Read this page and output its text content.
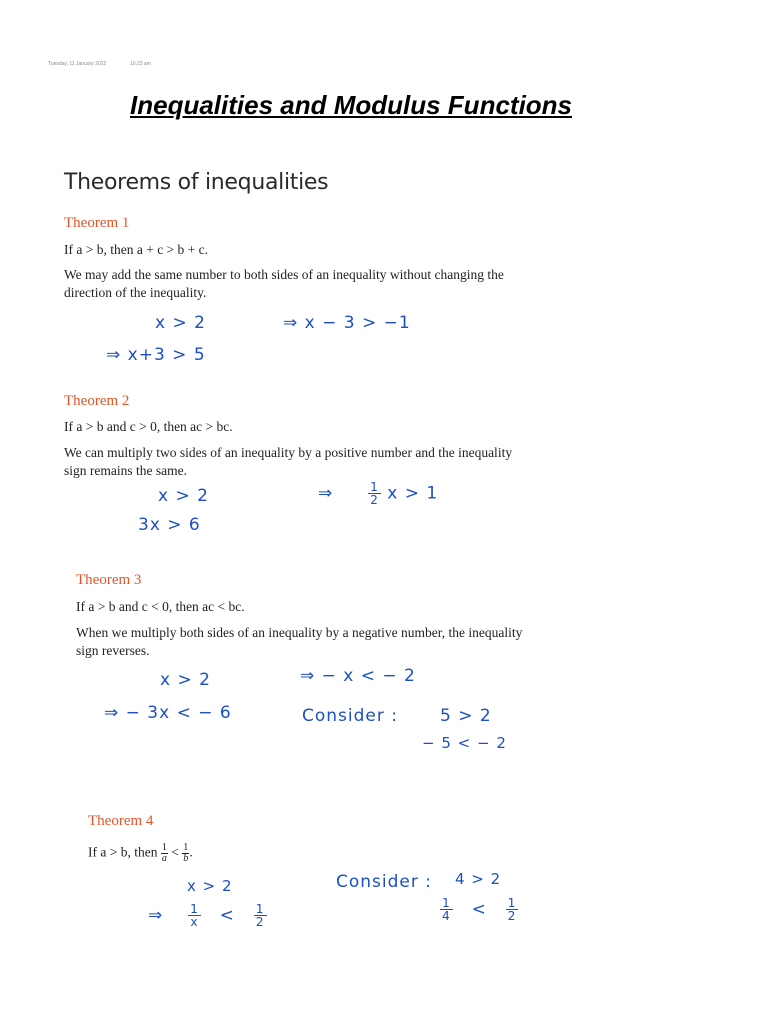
Tuesday, 11 January 2022	10:23 am

Inequalities and Modulus Functions

Theorems of inequalities

Theorem 1

If a > b, then a + c > b + c.

We may add the same number to both sides of an inequality without changing the

direction of the inequality.

x > 2	⇒ x − 3 > −1

⇒ x+3 > 5

Theorem 2

If a > b and c > 0, then ac > bc.

We can multiply two sides of an inequality by a positive number and the inequality

sign remains the same.

x > 2	⇒	$\frac{1}{2}$ x > 1

3x > 6

Theorem 3

If a > b and c < 0, then ac < bc.

When we multiply both sides of an inequality by a negative number, the inequality

sign reverses.

x > 2	⇒ − x < − 2

⇒ − 3x < − 6	Consider : 5 > 2

− 5 < − 2

Theorem 4

If a > b, then $\frac{1}{a} < \frac{1}{b}$ .

x > 2

⇒ $\frac{1}{x} < \frac{1}{2}$

Consider : 4 > 2

$\frac{1}{4} < \frac{1}{2}$
